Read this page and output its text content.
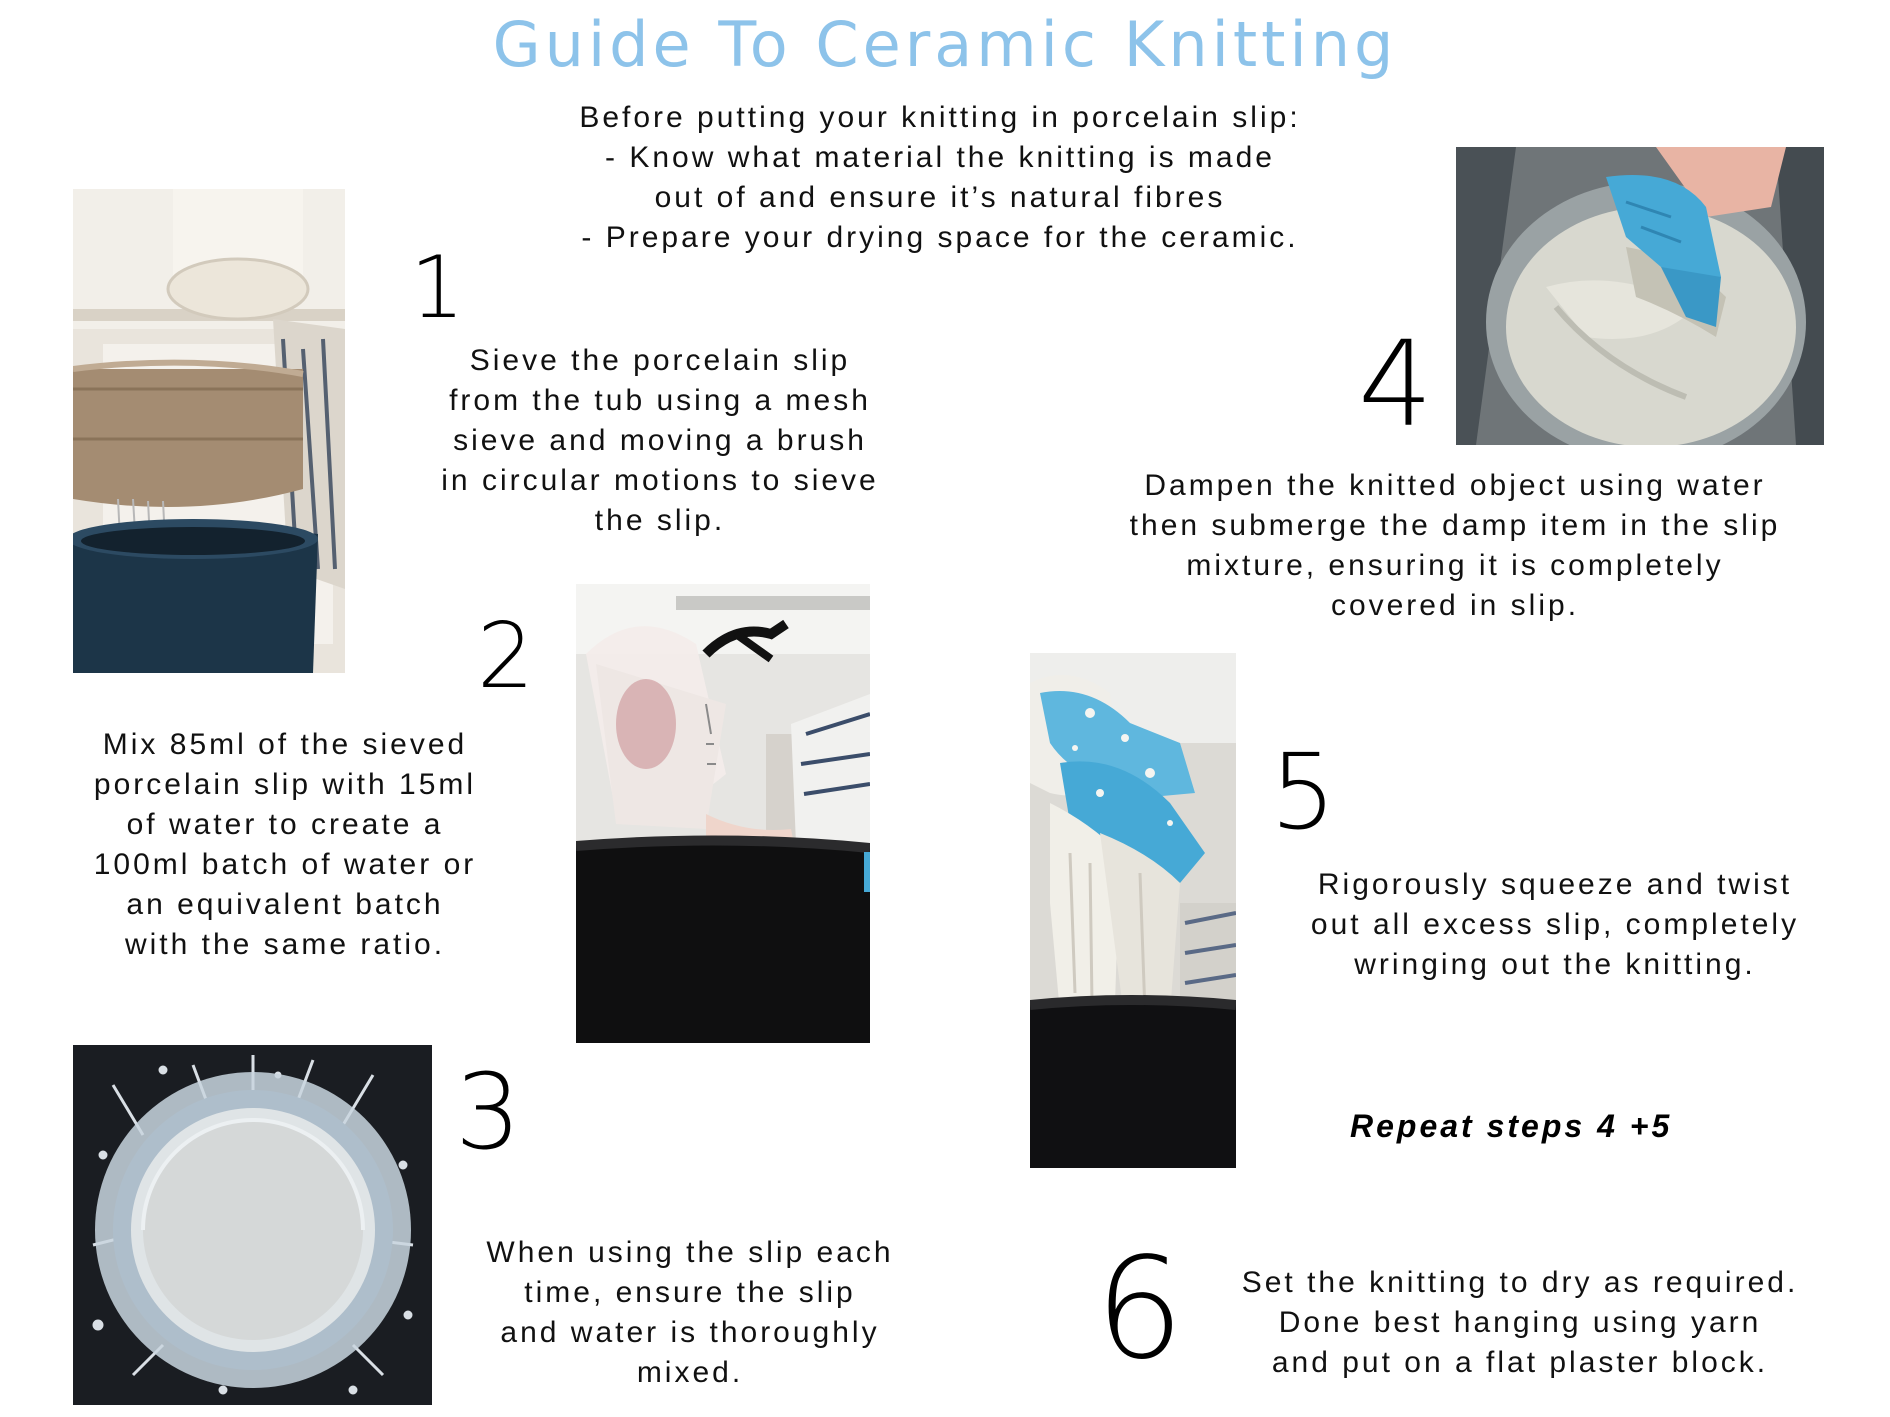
Guide To Ceramic Knitting
Before putting your knitting in porcelain slip:
- Know what material the knitting is made
out of and ensure it’s natural fibres
- Prepare your drying space for the ceramic.
1
Sieve the porcelain slip
from the tub using a mesh
sieve and moving a brush
in circular motions to sieve
the slip.
2
Mix 85ml of the sieved
porcelain slip with 15ml
of water to create a
100ml batch of water or
an equivalent batch
with the same ratio.
3
When using the slip each
time, ensure the slip
and water is thoroughly
mixed.
4
Dampen the knitted object using water
then submerge the damp item in the slip
mixture, ensuring it is completely
covered in slip.
5
Rigorously squeeze and twist
out all excess slip, completely
wringing out the knitting.
Repeat steps 4 +5
6	Set the knitting to dry as required.
Done best hanging using yarn
and put on a flat plaster block.
